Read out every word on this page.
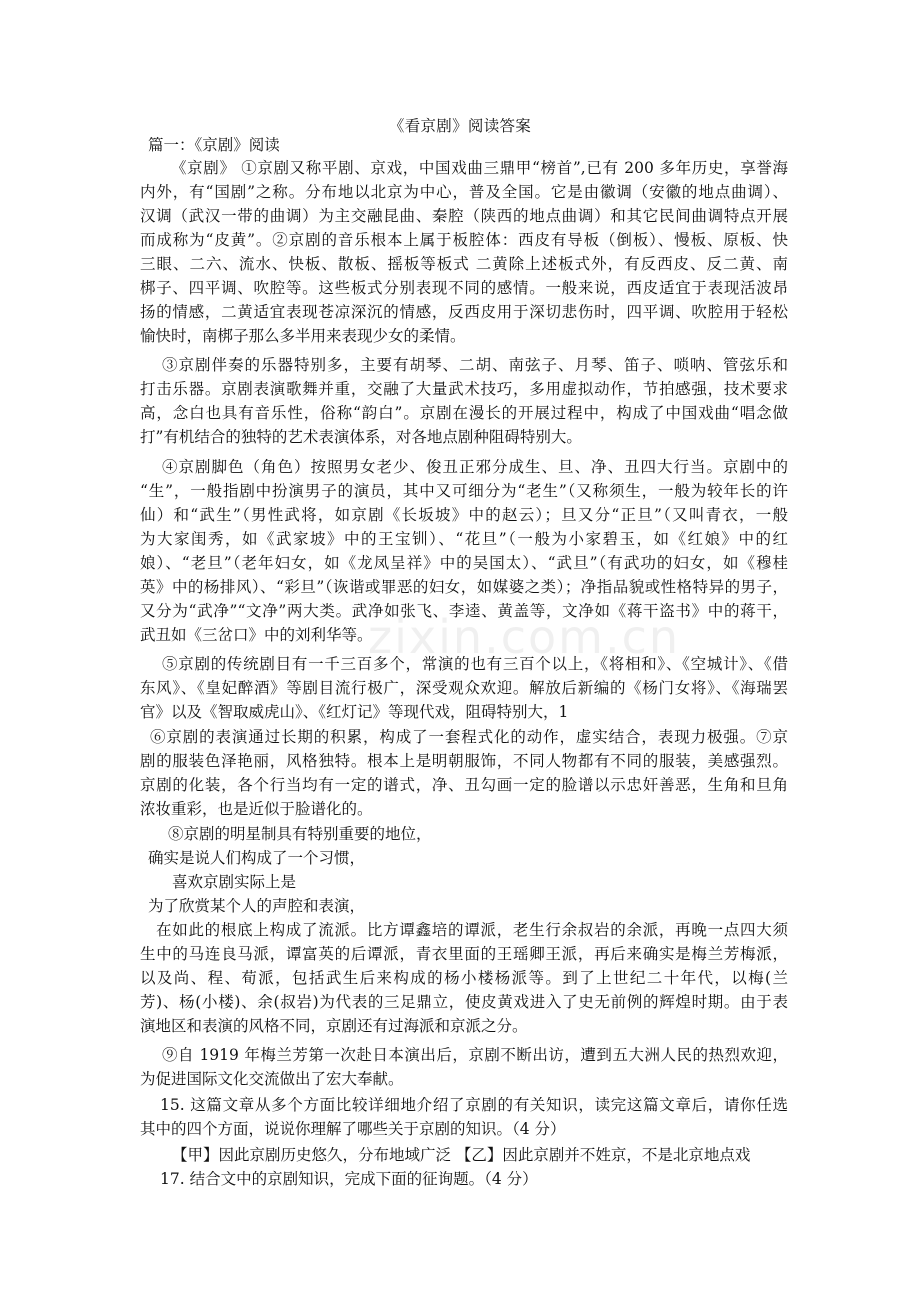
《看京剧》阅读答案
篇一：《京剧》阅读
《京剧》 ①京剧又称平剧、京戏，中国戏曲三鼎甲“榜首”,已有 200 多年历史，享誉海
内外，有“国剧”之称。分布地以北京为中心，普及全国。它是由徽调（安徽的地点曲调）、
汉调（武汉一带的曲调）为主交融昆曲、秦腔（陕西的地点曲调）和其它民间曲调特点开展
而成称为“皮黄”。②京剧的音乐根本上属于板腔体：西皮有导板（倒板）、慢板、原板、快
三眼、二六、流水、快板、散板、摇板等板式 二黄除上述板式外，有反西皮、反二黄、南
梆子、四平调、吹腔等。这些板式分别表现不同的感情。一般来说，西皮适宜于表现活波昂
扬的情感，二黄适宜表现苍凉深沉的情感，反西皮用于深切悲伤时，四平调、吹腔用于轻松
愉快时，南梆子那么多半用来表现少女的柔情。
③京剧伴奏的乐器特别多，主要有胡琴、二胡、南弦子、月琴、笛子、唢呐、管弦乐和
打击乐器。京剧表演歌舞并重，交融了大量武术技巧，多用虚拟动作，节拍感强，技术要求
高，念白也具有音乐性，俗称“韵白”。京剧在漫长的开展过程中，构成了中国戏曲“唱念做
打”有机结合的独特的艺术表演体系，对各地点剧种阻碍特别大。
④京剧脚色（角色）按照男女老少、俊丑正邪分成生、旦、净、丑四大行当。京剧中的
“生”，一般指剧中扮演男子的演员，其中又可细分为“老生”（又称须生，一般为较年长的许
仙）和“武生”（男性武将，如京剧《长坂坡》中的赵云）；旦又分“正旦”（又叫青衣，一般
为大家闺秀，如《武家坡》中的王宝钏）、“花旦”（一般为小家碧玉，如《红娘》中的红
娘）、“老旦”（老年妇女，如《龙凤呈祥》中的吴国太）、“武旦”（有武功的妇女，如《穆桂
英》中的杨排风）、“彩旦”（诙谐或罪恶的妇女，如媒婆之类）；净指品貌或性格特异的男子，
又分为“武净”“文净”两大类。武净如张飞、李逵、黄盖等，文净如《蒋干盗书》中的蒋干，
武丑如《三岔口》中的刘利华等。
⑤京剧的传统剧目有一千三百多个，常演的也有三百个以上，《将相和》、《空城计》、《借
东风》、《皇妃醉酒》等剧目流行极广，深受观众欢迎。解放后新编的《杨门女将》、《海瑞罢
官》以及《智取威虎山》、《红灯记》等现代戏，阻碍特别大，1
⑥京剧的表演通过长期的积累，构成了一套程式化的动作，虚实结合，表现力极强。⑦京
剧的服装色泽艳丽，风格独特。根本上是明朝服饰，不同人物都有不同的服装，美感强烈。
京剧的化装，各个行当均有一定的谱式，净、丑勾画一定的脸谱以示忠奸善恶，生角和旦角
浓妆重彩，也是近似于脸谱化的。
⑧京剧的明星制具有特别重要的地位，
确实是说人们构成了一个习惯，
喜欢京剧实际上是
为了欣赏某个人的声腔和表演，
在如此的根底上构成了流派。比方谭鑫培的谭派，老生行余叔岩的余派，再晚一点四大须
生中的马连良马派，谭富英的后谭派，青衣里面的王瑶卿王派，再后来确实是梅兰芳梅派，
以及尚、程、荀派，包括武生后来构成的杨小楼杨派等。到了上世纪二十年代，以梅(兰
芳)、杨(小楼)、余(叔岩)为代表的三足鼎立，使皮黄戏进入了史无前例的辉煌时期。由于表
演地区和表演的风格不同，京剧还有过海派和京派之分。
⑨自 1919 年梅兰芳第一次赴日本演出后，京剧不断出访，遭到五大洲人民的热烈欢迎，
为促进国际文化交流做出了宏大奉献。
15. 这篇文章从多个方面比较详细地介绍了京剧的有关知识，读完这篇文章后，请你任选
其中的四个方面，说说你理解了哪些关于京剧的知识。（4 分）
【甲】因此京剧历史悠久，分布地域广泛 【乙】因此京剧并不姓京，不是北京地点戏
17. 结合文中的京剧知识，完成下面的征询题。（4 分）
zixin.com.cn
